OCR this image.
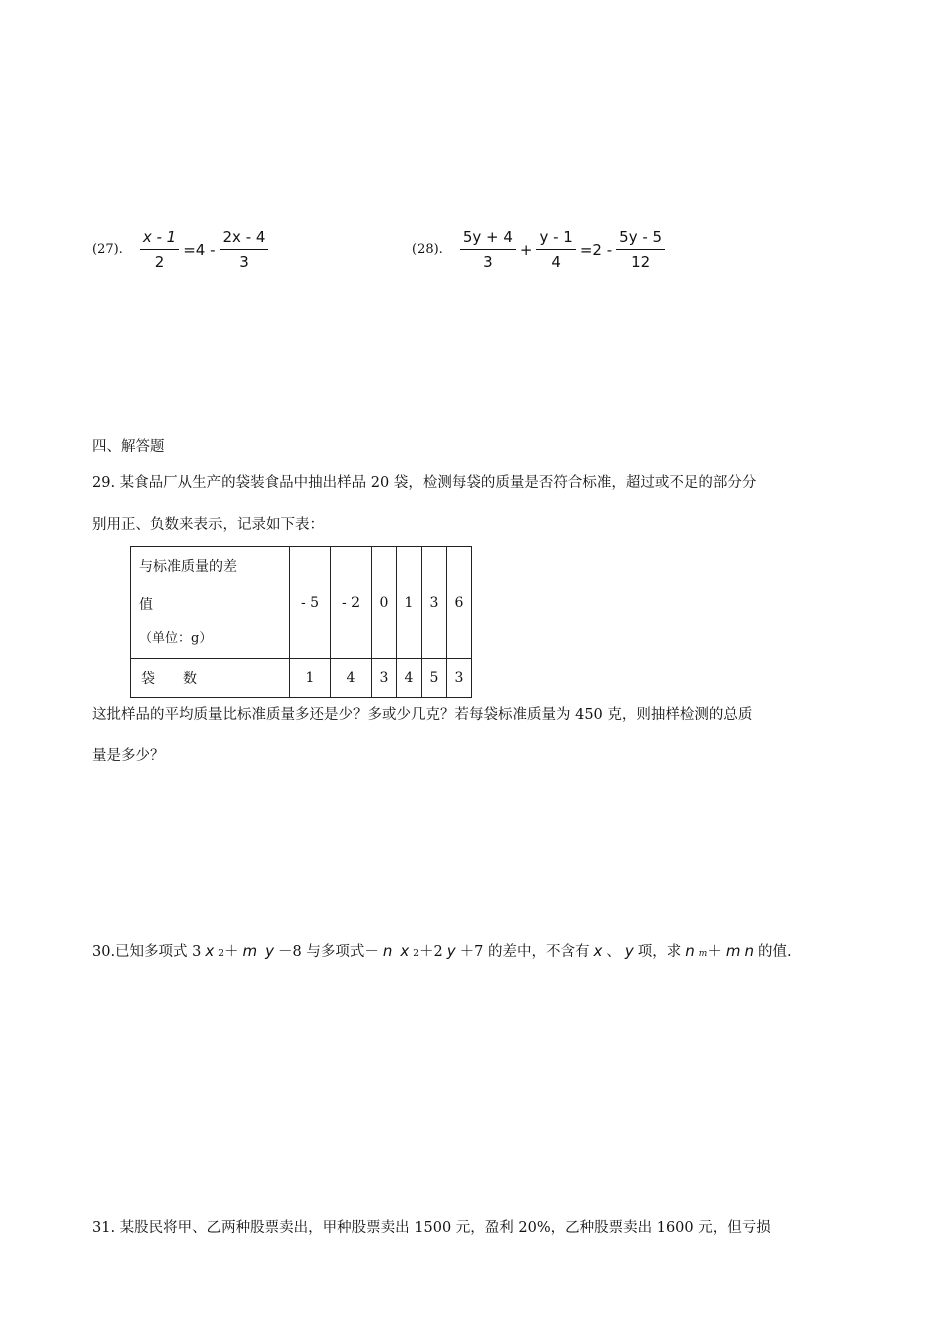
(27). $\frac{x - 1}{2} =4 - \frac{2x - 4}{3}$	(28). $\frac{5y + 4}{3} + \frac{y - 1}{4} =2 - \frac{5y - 5}{12}$
四、解答题
29. 某食品厂从生产的袋装食品中抽出样品 20 袋，检测每袋的质量是否符合标准，超过或不足的部分分
别用正、负数来表示，记录如下表：
与标准质量的差
值
（单位：g）	- 5	- 2	0	1	3	6
袋　　数	1	4	3	4	5	3
这批样品的平均质量比标准质量多还是少？多或少几克？若每袋标准质量为 450 克，则抽样检测的总质
量是多少？
30.已知多项式 3 x $_2$ ＋ m y －8 与多项式－ n x $_2$ ＋2 y ＋7 的差中，不含有 x 、 y 项，求 n $_m$ ＋ m n 的值.
31. 某股民将甲、乙两种股票卖出，甲种股票卖出 1500 元，盈利 20%，乙种股票卖出 1600 元，但亏损
